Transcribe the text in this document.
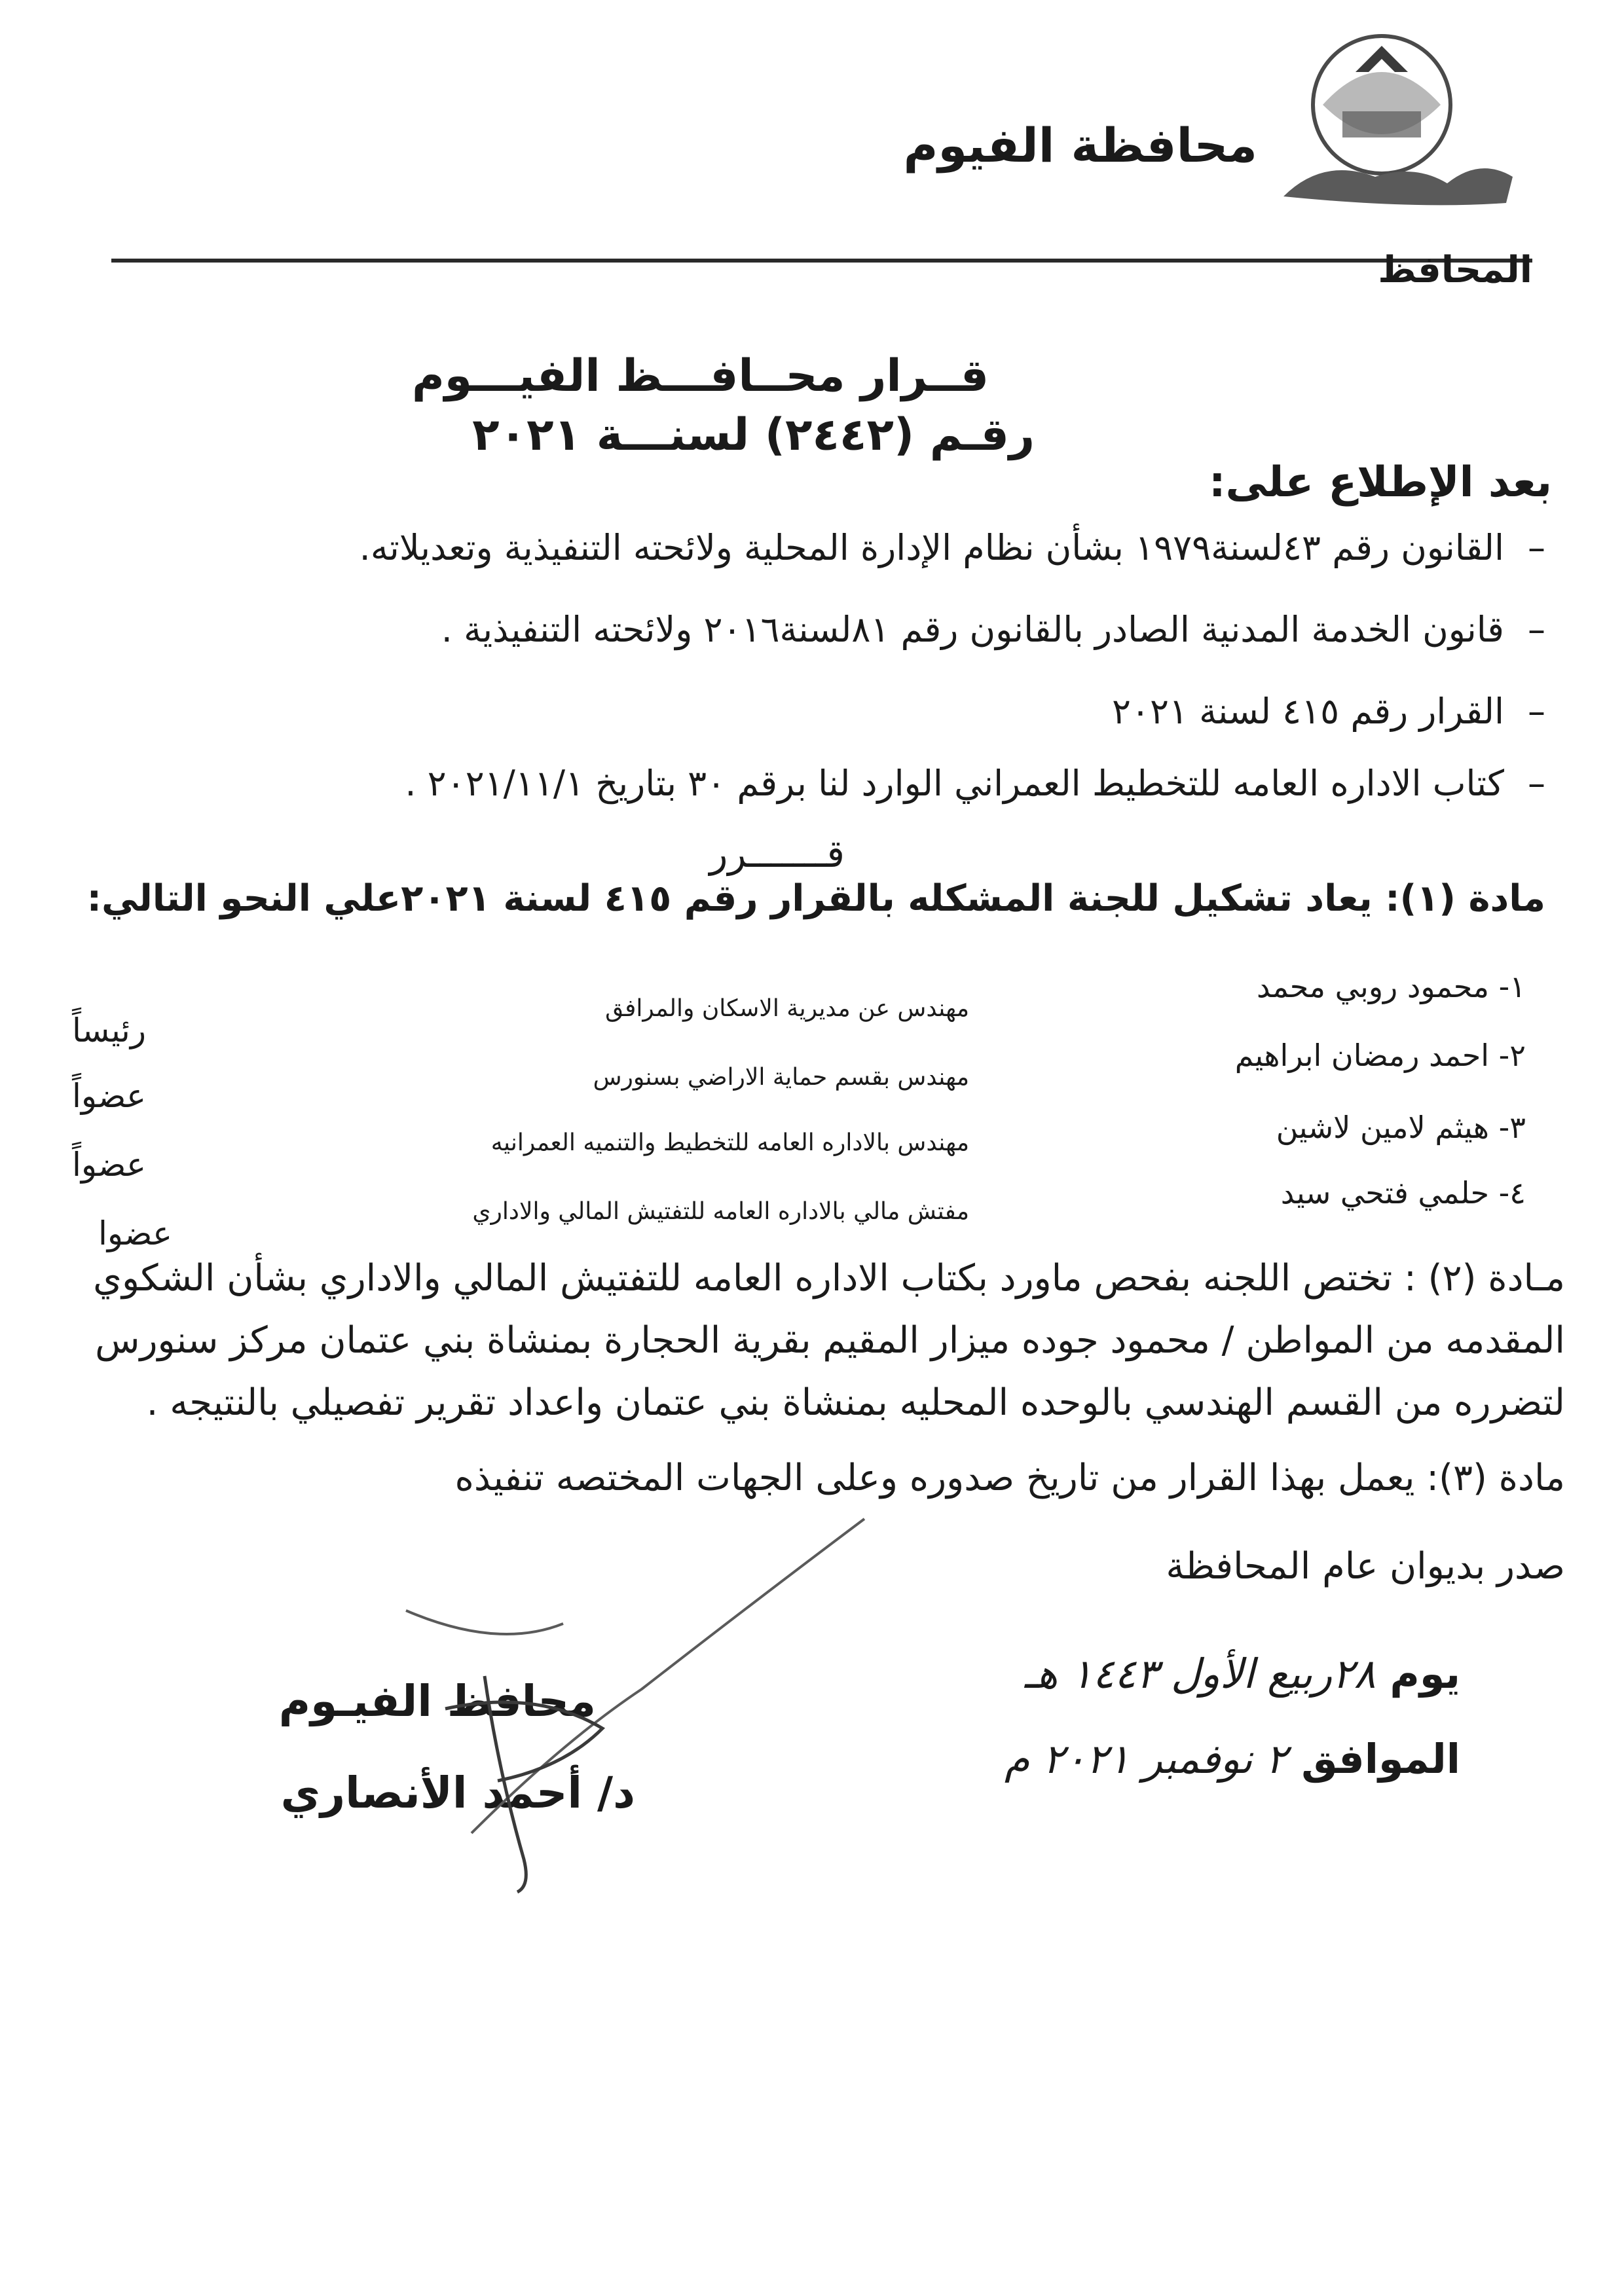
محافظة الفيوم
المحافظ
قــرار محــافـــظ الفيـــوم
رقـم (٢٤٤٢) لسنـــة ٢٠٢١
بعد الإطلاع على:
–القانون رقم ٤٣لسنة١٩٧٩ بشأن نظام الإدارة المحلية ولائحته التنفيذية وتعديلاته.
–قانون الخدمة المدنية الصادر بالقانون رقم ٨١لسنة٢٠١٦ ولائحته التنفيذية .
–القرار رقم ٤١٥ لسنة ٢٠٢١
–كتاب الاداره العامه للتخطيط العمراني الوارد لنا برقم ٣٠ بتاريخ ٢٠٢١/١١/١ .
قـــــــرر
مادة (١): يعاد تشكيل للجنة المشكله بالقرار رقم ٤١٥ لسنة ٢٠٢١علي النحو التالي:
١- محمود روبي محمد
مهندس عن مديرية الاسكان والمرافق
رئيساً
٢- احمد رمضان ابراهيم
مهندس بقسم حماية الاراضي بسنورس
عضواً
٣- هيثم لامين لاشين
مهندس بالاداره العامه للتخطيط والتنميه العمرانيه
عضواً
٤- حلمي فتحي سيد
مفتش مالي بالاداره العامه للتفتيش المالي والاداري
عضوا
مـادة (٢) : تختص اللجنه بفحص ماورد بكتاب الاداره العامه للتفتيش المالي والاداري بشأن الشكوي
المقدمه من المواطن / محمود جوده ميزار المقيم بقرية الحجارة بمنشاة بني عتمان مركز سنورس
لتضرره من القسم الهندسي بالوحده المحليه بمنشاة بني عتمان واعداد تقرير تفصيلي بالنتيجه .
مادة (٣): يعمل بهذا القرار من تاريخ صدوره وعلى الجهات المختصه تنفيذه
صدر بديوان عام المحافظة
يوم ٢٨ربيع الأول ١٤٤٣ هـ
الموافق ٢ نوفمبر ٢٠٢١ م
محافظ الفيـوم
د/ أحمد الأنصاري
